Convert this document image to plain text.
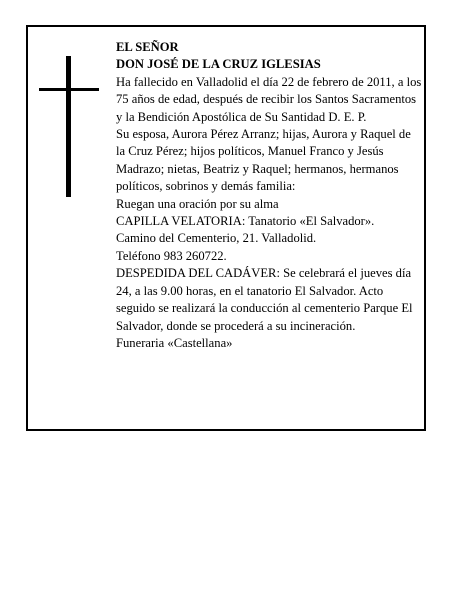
EL SEÑOR

DON JOSÉ DE LA CRUZ IGLESIAS

Ha fallecido en Valladolid el día 22 de febrero de 2011, a los 75 años de edad, después de recibir los Santos Sacramentos y la Bendición Apostólica de Su Santidad D. E. P.

Su esposa, Aurora Pérez Arranz; hijas, Aurora y Raquel de la Cruz Pérez; hijos políticos, Manuel Franco y Jesús Madrazo; nietas, Beatriz y Raquel; hermanos, hermanos políticos, sobrinos y demás familia:

Ruegan una oración por su alma

CAPILLA VELATORIA: Tanatorio «El Salvador».

Camino del Cementerio, 21. Valladolid.

Teléfono 983 260722.

DESPEDIDA DEL CADÁVER: Se celebrará el jueves día 24, a las 9.00 horas, en el tanatorio El Salvador. Acto seguido se realizará la conducción al cementerio Parque El Salvador, donde se procederá a su incineración.

Funeraria «Castellana»
